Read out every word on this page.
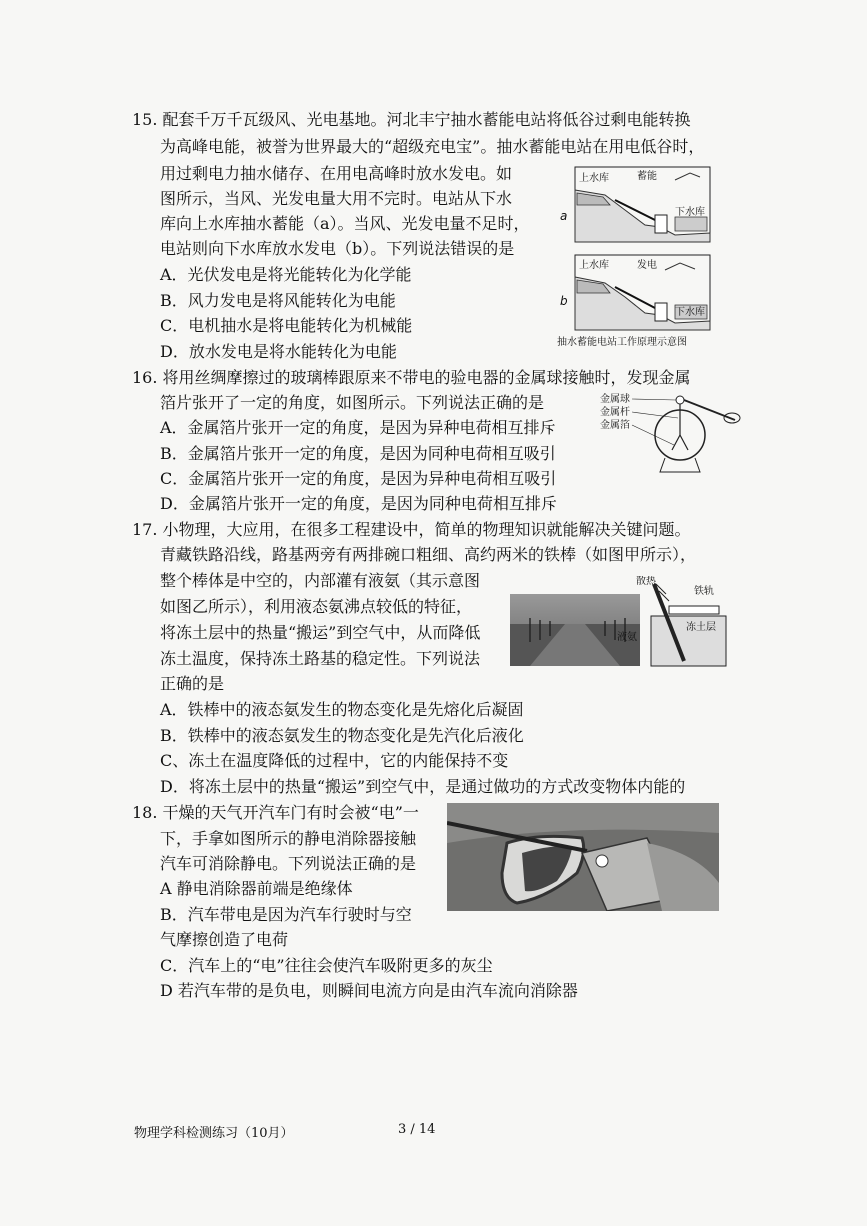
15. 配套千万千瓦级风、光电基地。河北丰宁抽水蓄能电站将低谷过剩电能转换
为高峰电能，被誉为世界最大的“超级充电宝”。抽水蓄能电站在用电低谷时，
用过剩电力抽水储存、在用电高峰时放水发电。如
图所示，当风、光发电量大用不完时。电站从下水
库向上水库抽水蓄能（a）。当风、光发电量不足时，
电站则向下水库放水发电（b）。下列说法错误的是
A．光伏发电是将光能转化为化学能
B．风力发电是将风能转化为电能
C．电机抽水是将电能转化为机械能
D．放水发电是将水能转化为电能
上水库	蓄能
下水库
a
上水库	发电
下水库
b
抽水蓄能电站工作原理示意图
16. 将用丝绸摩擦过的玻璃棒跟原来不带电的验电器的金属球接触时，发现金属
箔片张开了一定的角度，如图所示。下列说法正确的是
A．金属箔片张开一定的角度，是因为异种电荷相互排斥
B．金属箔片张开一定的角度，是因为同种电荷相互吸引
C．金属箔片张开一定的角度，是因为异种电荷相互吸引
D．金属箔片张开一定的角度，是因为同种电荷相互排斥
金属球
金属杆
金属箔
17. 小物理，大应用，在很多工程建设中，简单的物理知识就能解决关键问题。
青藏铁路沿线，路基两旁有两排碗口粗细、高约两米的铁棒（如图甲所示），
整个棒体是中空的，内部灌有液氨（其示意图
如图乙所示），利用液态氨沸点较低的特征，
将冻土层中的热量“搬运”到空气中，从而降低
冻土温度，保持冻土路基的稳定性。下列说法
正确的是
A．铁棒中的液态氨发生的物态变化是先熔化后凝固
B．铁棒中的液态氨发生的物态变化是先汽化后液化
C、冻土在温度降低的过程中，它的内能保持不变
D．将冻土层中的热量“搬运”到空气中，是通过做功的方式改变物体内能的
散热
铁轨
液氨
冻土层
18. 干燥的天气开汽车门有时会被“电”一
下，手拿如图所示的静电消除器接触
汽车可消除静电。下列说法正确的是
A 静电消除器前端是绝缘体
B．汽车带电是因为汽车行驶时与空
气摩擦创造了电荷
C．汽车上的“电”往往会使汽车吸附更多的灰尘
D 若汽车带的是负电，则瞬间电流方向是由汽车流向消除器
物理学科检测练习（10月）	3 / 14
